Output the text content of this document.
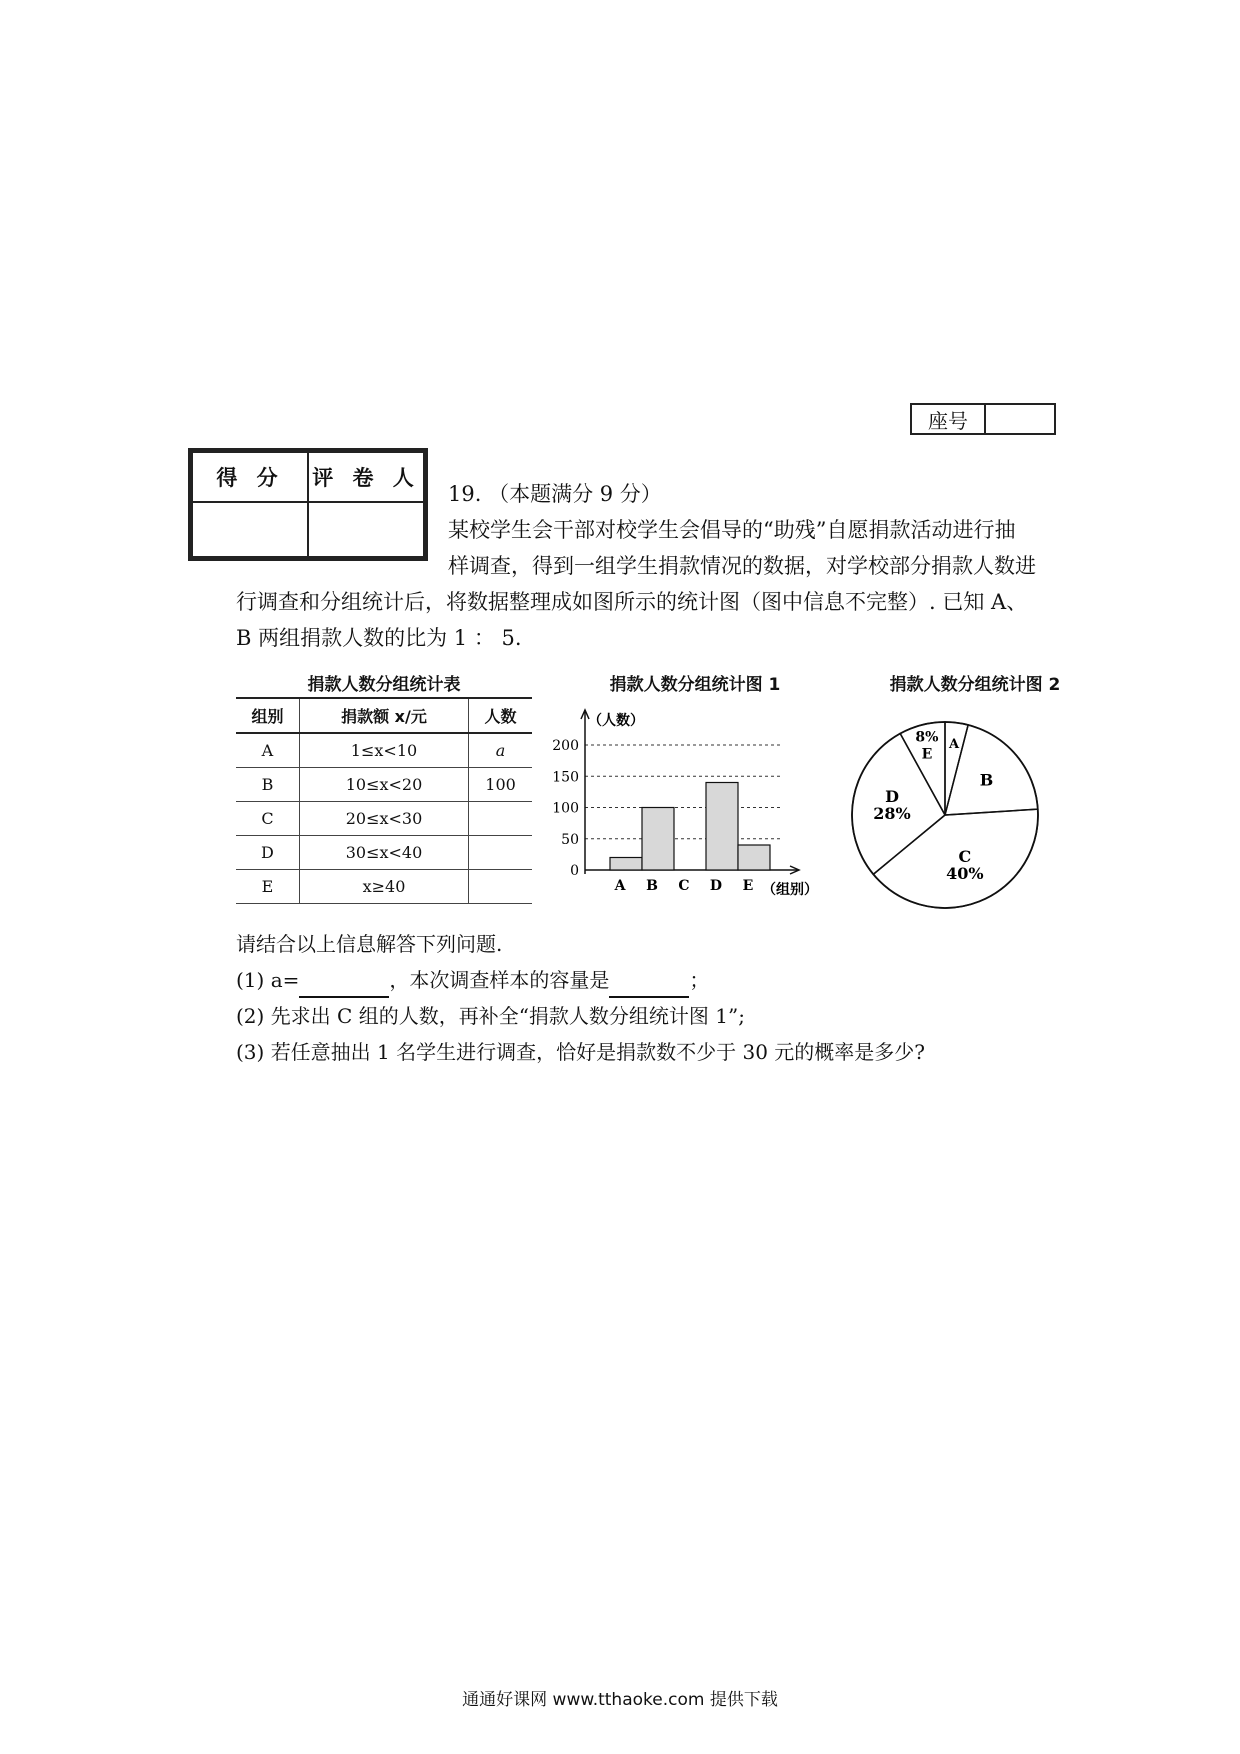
座号
得 分	评 卷 人

19. （本题满分 9 分）
某校学生会干部对校学生会倡导的“助残”自愿捐款活动进行抽
样调查，得到一组学生捐款情况的数据，对学校部分捐款人数进
行调查和分组统计后，将数据整理成如图所示的统计图（图中信息不完整）. 已知 A、
B 两组捐款人数的比为 1 ： 5.
捐款人数分组统计表
组别	捐款额 x/元	人数
A	1≤x<10	a
B	10≤x<20	100
C	20≤x<30	
D	30≤x<40	
E	x≥40	
捐款人数分组统计图 1
0
50
100
150
200
（人数）
（组别）
A B C D E
捐款人数分组统计图 2
A
B
C 40%
D 28%
8% E
请结合以上信息解答下列问题.
(1) a=	，本次调查样本的容量是	；
(2) 先求出 C 组的人数，再补全“捐款人数分组统计图 1”;
(3) 若任意抽出 1 名学生进行调查，恰好是捐款数不少于 30 元的概率是多少?
通通好课网 www.tthaoke.com 提供下载
